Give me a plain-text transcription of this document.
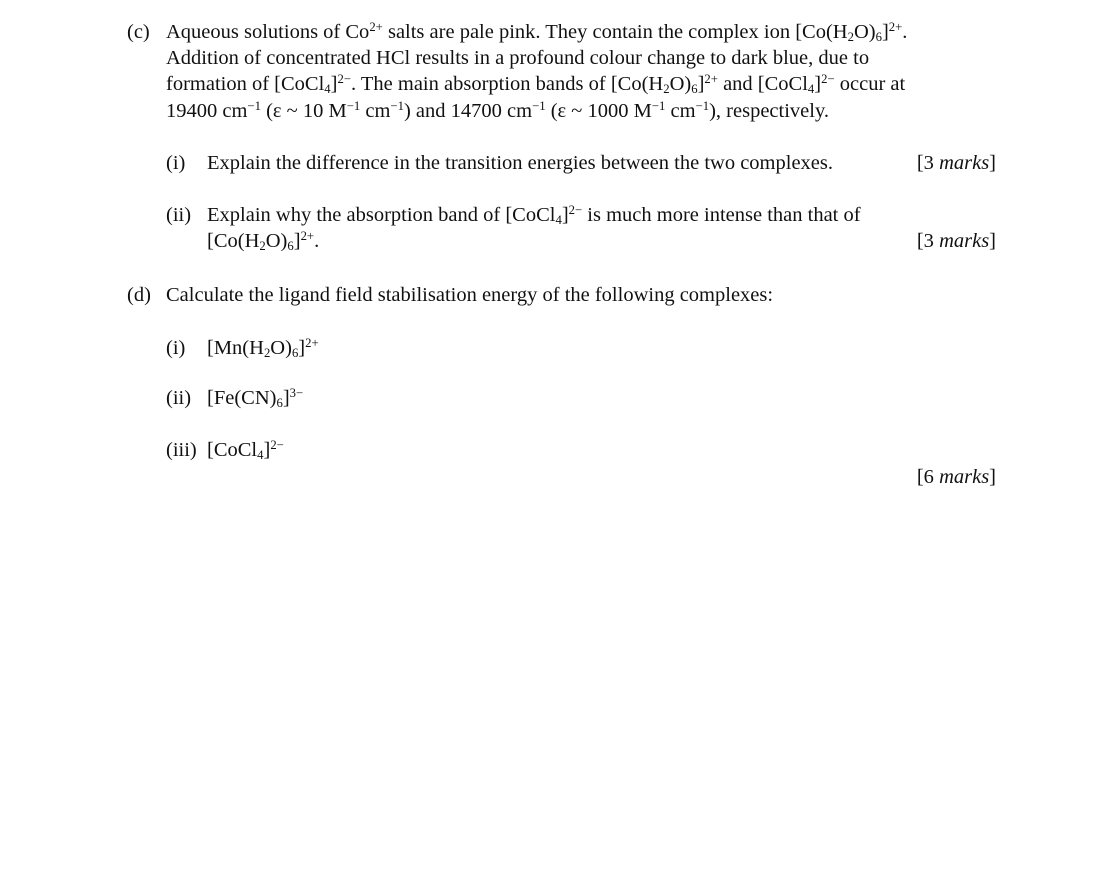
(c) Aqueous solutions of $Co^{2+}$ salts are pale pink. They contain the complex ion $[Co(H_2O)_6]^{2+}$.
Addition of concentrated HCl results in a profound colour change to dark blue, due to
formation of [CoCl$_4$]$^{2-}$. The main absorption bands of $[Co(H_2O)_6]^{2+}$ and [CoCl$_4$]$^{2-}$ occur at
19400 $cm^{-1}$ (ε ~ 10 $M^{-1}$ $cm^{-1}$) and 14700 $cm^{-1}$ (ε ~ 1000 $M^{-1}$ $cm^{-1}$), respectively.
(i) Explain the difference in the transition energies between the two complexes.	[3 marks]
(ii) Explain why the absorption band of [CoCl$_4$]$^{2-}$ is much more intense than that of
$[Co(H_2O)_6]^{2+}$.	[3 marks]
(d) Calculate the ligand field stabilisation energy of the following complexes:
(i) $[Mn(H_2O)_6]^{2+}$
(ii) $[Fe(CN)_6]^{3-}$
(iii) [CoCl$_4$]$^{2-}$
[6 marks]
